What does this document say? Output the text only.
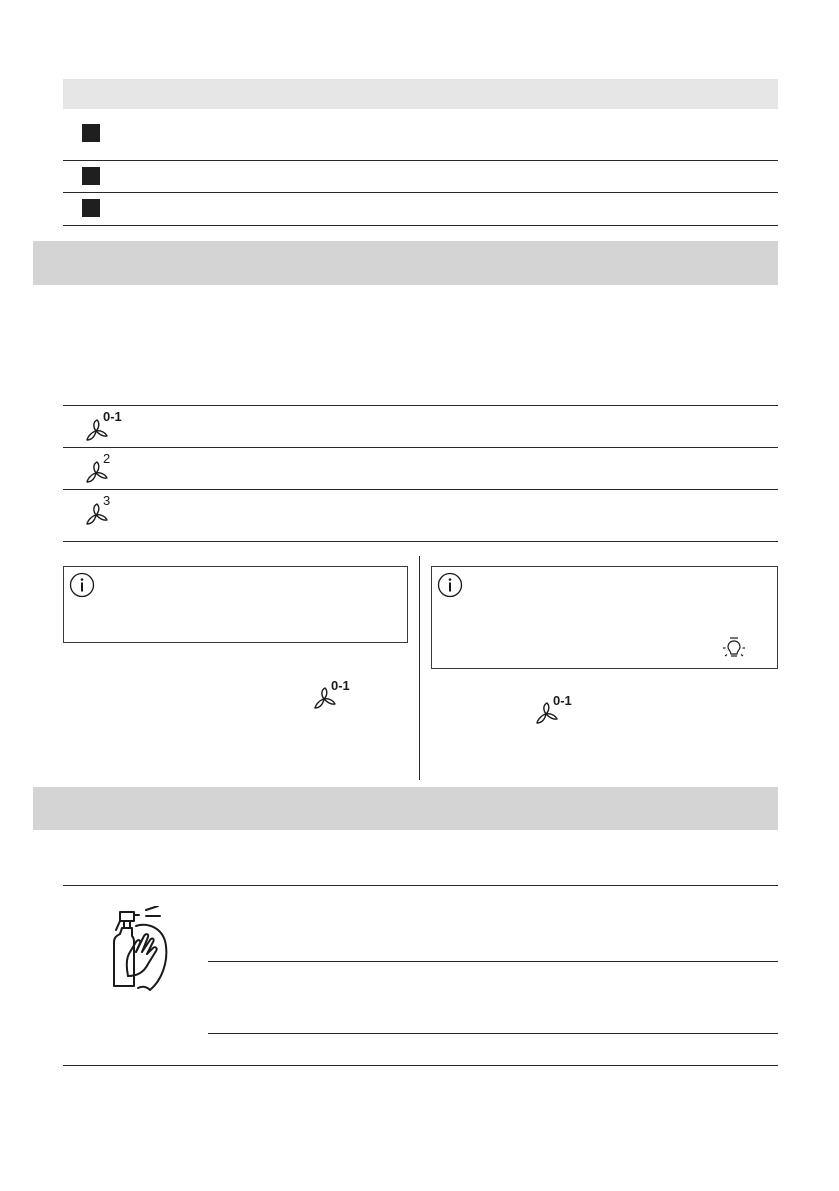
0-1
2
3
0-1
0-1
